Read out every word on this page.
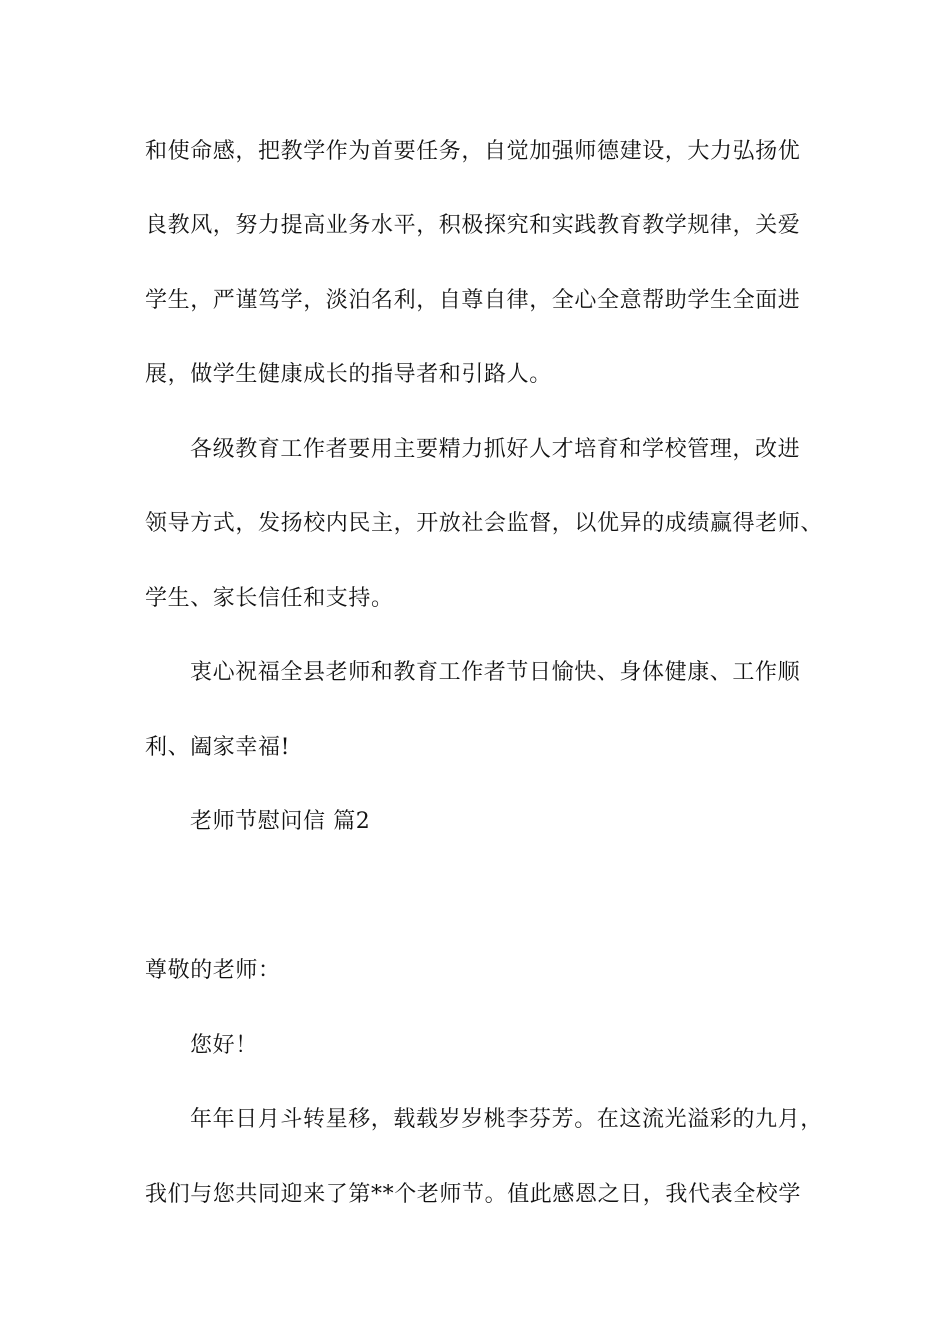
和使命感，把教学作为首要任务，自觉加强师德建设，大力弘扬优
良教风，努力提高业务水平，积极探究和实践教育教学规律，关爱
学生，严谨笃学，淡泊名利，自尊自律，全心全意帮助学生全面进
展，做学生健康成长的指导者和引路人。
各级教育工作者要用主要精力抓好人才培育和学校管理，改进
领导方式，发扬校内民主，开放社会监督，以优异的成绩赢得老师、
学生、家长信任和支持。
衷心祝福全县老师和教育工作者节日愉快、身体健康、工作顺
利、阖家幸福!
老师节慰问信 篇2
尊敬的老师：
您好！
年年日月斗转星移，载载岁岁桃李芬芳。在这流光溢彩的九月，
我们与您共同迎来了第**个老师节。值此感恩之日，我代表全校学
